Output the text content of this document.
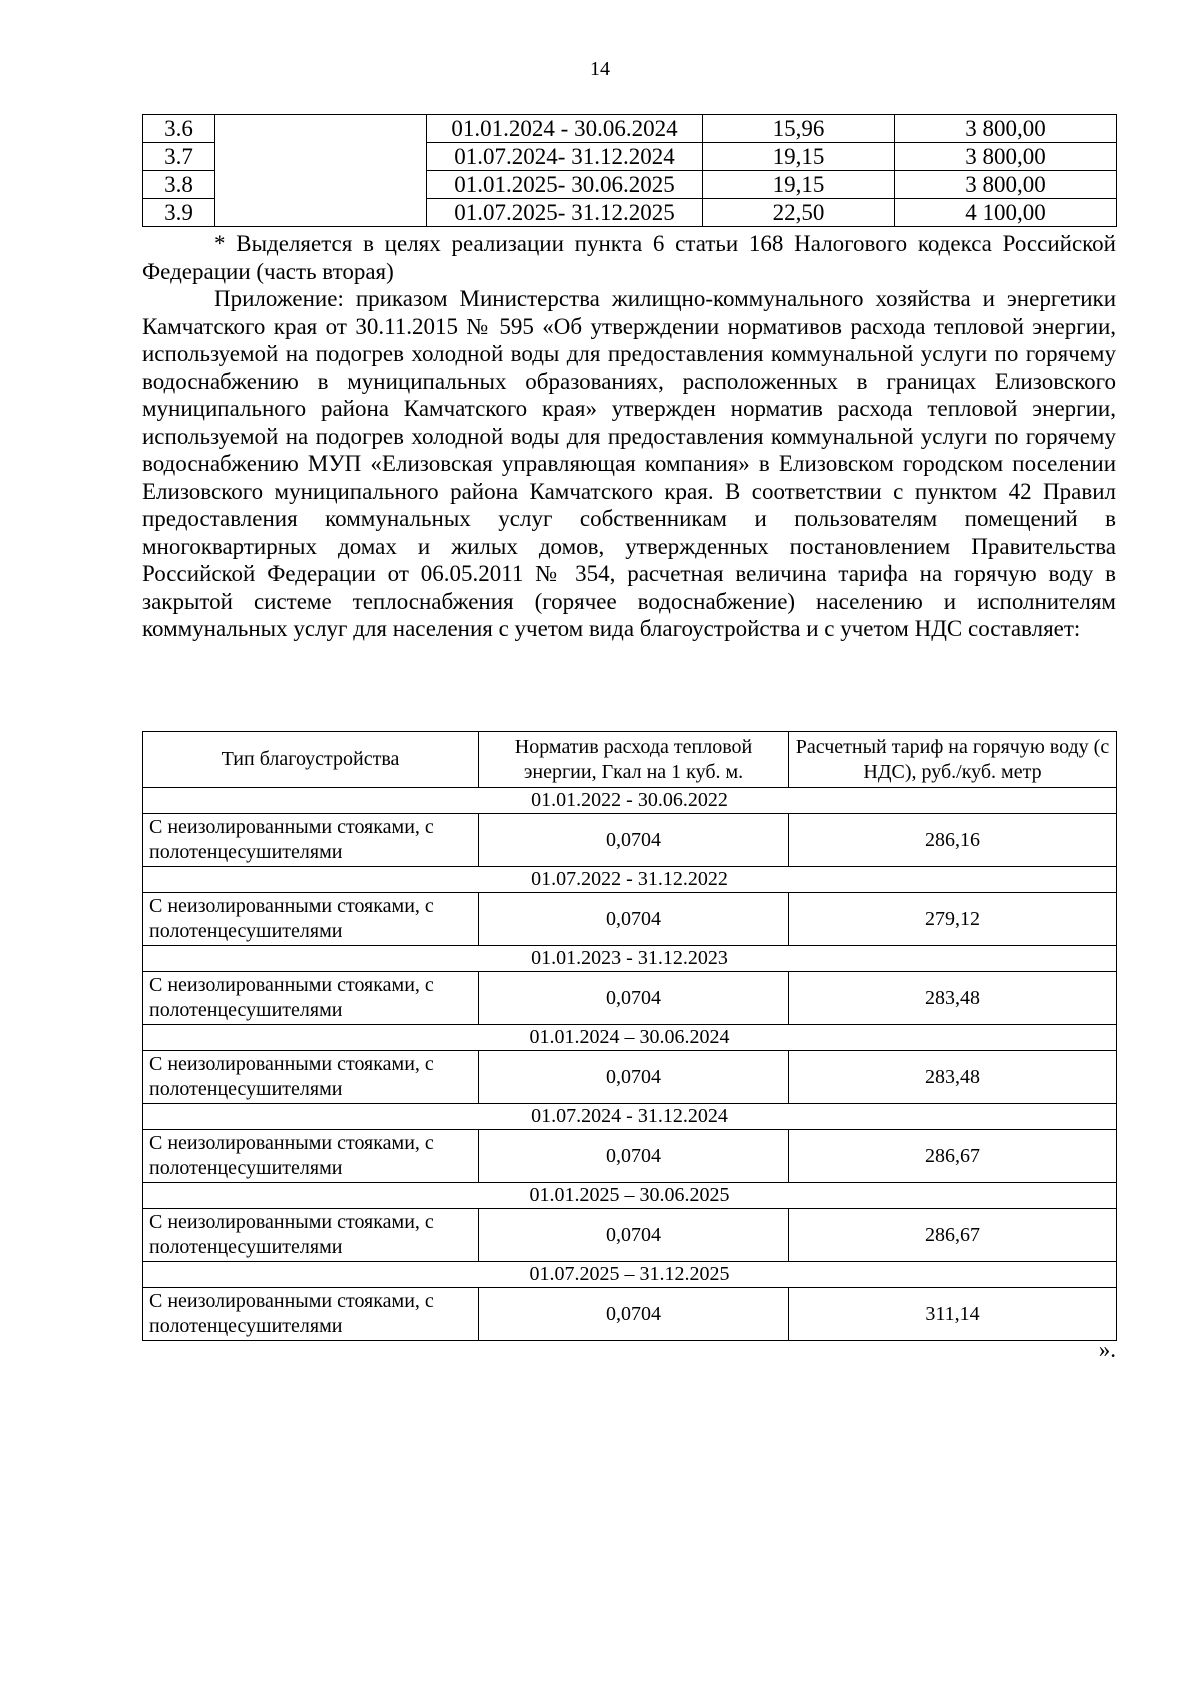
14
3.6		01.01.2024 - 30.06.2024	15,96	3 800,00
3.7		01.07.2024- 31.12.2024	19,15	3 800,00
3.8		01.01.2025- 30.06.2025	19,15	3 800,00
3.9		01.07.2025- 31.12.2025	22,50	4 100,00

* Выделяется в целях реализации пункта 6 статьи 168 Налогового кодекса Российской Федерации (часть вторая)

Приложение: приказом Министерства жилищно-коммунального хозяйства и энергетики Камчатского края от 30.11.2015 № 595 «Об утверждении нормативов расхода тепловой энергии, используемой на подогрев холодной воды для предоставления коммунальной услуги по горячему водоснабжению в муниципальных образованиях, расположенных в границах Елизовского муниципального района Камчатского края» утвержден норматив расхода тепловой энергии, используемой на подогрев холодной воды для предоставления коммунальной услуги по горячему водоснабжению МУП «Елизовская управляющая компания» в Елизовском городском поселении Елизовского муниципального района Камчатского края. В соответствии с пунктом 42 Правил предоставления коммунальных услуг собственникам и пользователям помещений в многоквартирных домах и жилых домов, утвержденных постановлением Правительства Российской Федерации от 06.05.2011 № 354, расчетная величина тарифа на горячую воду в закрытой системе теплоснабжения (горячее водоснабжение) населению и исполнителям коммунальных услуг для населения с учетом вида благоустройства и с учетом НДС составляет:

Тип благоустройства	Норматив расхода тепловой энергии, Гкал на 1 куб. м.	Расчетный тариф на горячую воду (с НДС), руб./куб. метр
01.01.2022 - 30.06.2022		
С неизолированными стояками, с полотенцесушителями	0,0704	286,16
01.07.2022 - 31.12.2022		
С неизолированными стояками, с полотенцесушителями	0,0704	279,12
01.01.2023 - 31.12.2023		
С неизолированными стояками, с полотенцесушителями	0,0704	283,48
01.01.2024 – 30.06.2024		
С неизолированными стояками, с полотенцесушителями	0,0704	283,48
01.07.2024 - 31.12.2024		
С неизолированными стояками, с полотенцесушителями	0,0704	286,67
01.01.2025 – 30.06.2025		
С неизолированными стояками, с полотенцесушителями	0,0704	286,67
01.07.2025 – 31.12.2025		
С неизолированными стояками, с полотенцесушителями	0,0704	311,14
».
